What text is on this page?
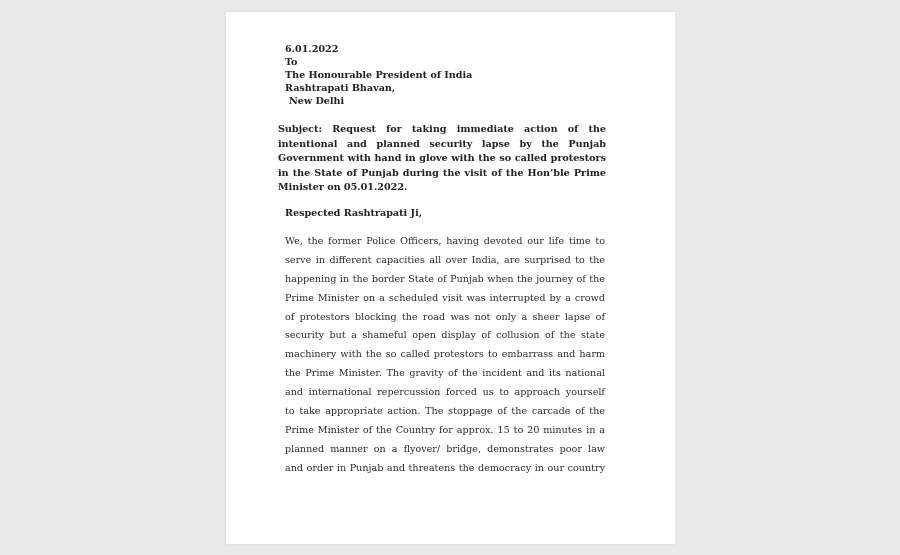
6.01.2022
To
The Honourable President of India
Rashtrapati Bhavan,
New Delhi
Subject: Request for taking immediate action of the
intentional and planned security lapse by the Punjab
Government with hand in glove with the so called protestors
in the State of Punjab during the visit of the Hon’ble Prime
Minister on 05.01.2022.
Respected Rashtrapati Ji,
We, the former Police Officers, having devoted our life time to
serve in different capacities all over India, are surprised to the
happening in the border State of Punjab when the journey of the
Prime Minister on a scheduled visit was interrupted by a crowd
of protestors blocking the road was not only a sheer lapse of
security but a shameful open display of collusion of the state
machinery with the so called protestors to embarrass and harm
the Prime Minister. The gravity of the incident and its national
and international repercussion forced us to approach yourself
to take appropriate action. The stoppage of the carcade of the
Prime Minister of the Country for approx. 15 to 20 minutes in a
planned manner on a flyover/ bridge, demonstrates poor law
and order in Punjab and threatens the democracy in our country
